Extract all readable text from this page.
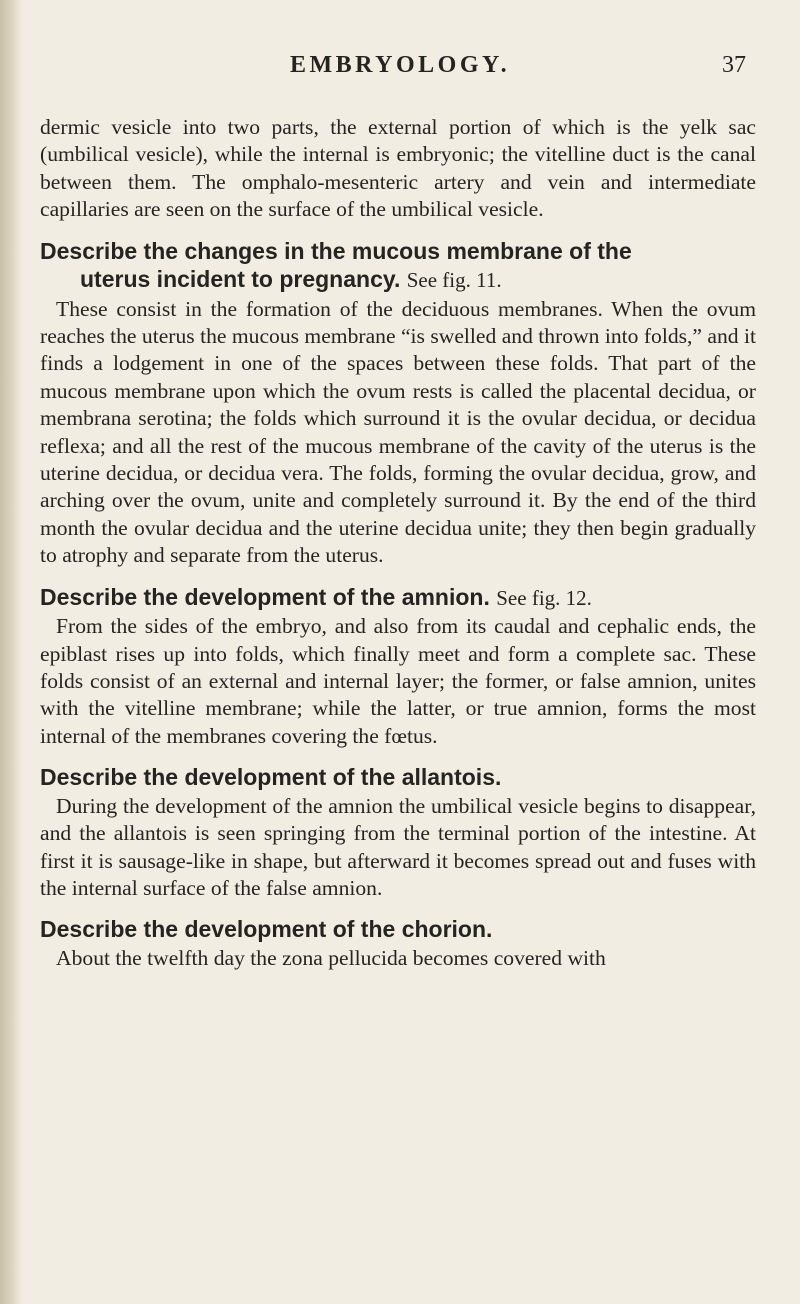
EMBRYOLOGY.	37

dermic vesicle into two parts, the external portion of which is the yelk sac (umbilical vesicle), while the internal is embryonic; the vitelline duct is the canal between them. The omphalo-mesenteric artery and vein and intermediate capillaries are seen on the surface of the umbilical vesicle.

Describe the changes in the mucous membrane of the

uterus incident to pregnancy. See fig. 11.

These consist in the formation of the deciduous membranes. When the ovum reaches the uterus the mucous membrane “is swelled and thrown into folds,” and it finds a lodgement in one of the spaces between these folds. That part of the mucous membrane upon which the ovum rests is called the placental decidua, or membrana serotina; the folds which surround it is the ovular decidua, or decidua reflexa; and all the rest of the mucous membrane of the cavity of the uterus is the uterine decidua, or decidua vera. The folds, forming the ovular decidua, grow, and arching over the ovum, unite and completely surround it. By the end of the third month the ovular decidua and the uterine decidua unite; they then begin gradually to atrophy and separate from the uterus.

Describe the development of the amnion. See fig. 12.

From the sides of the embryo, and also from its caudal and cephalic ends, the epiblast rises up into folds, which finally meet and form a complete sac. These folds consist of an external and internal layer; the former, or false amnion, unites with the vitelline membrane; while the latter, or true amnion, forms the most internal of the membranes covering the fœtus.

Describe the development of the allantois.

During the development of the amnion the umbilical vesicle begins to disappear, and the allantois is seen springing from the terminal portion of the intestine. At first it is sausage-like in shape, but afterward it becomes spread out and fuses with the internal surface of the false amnion.

Describe the development of the chorion.

About the twelfth day the zona pellucida becomes covered with
